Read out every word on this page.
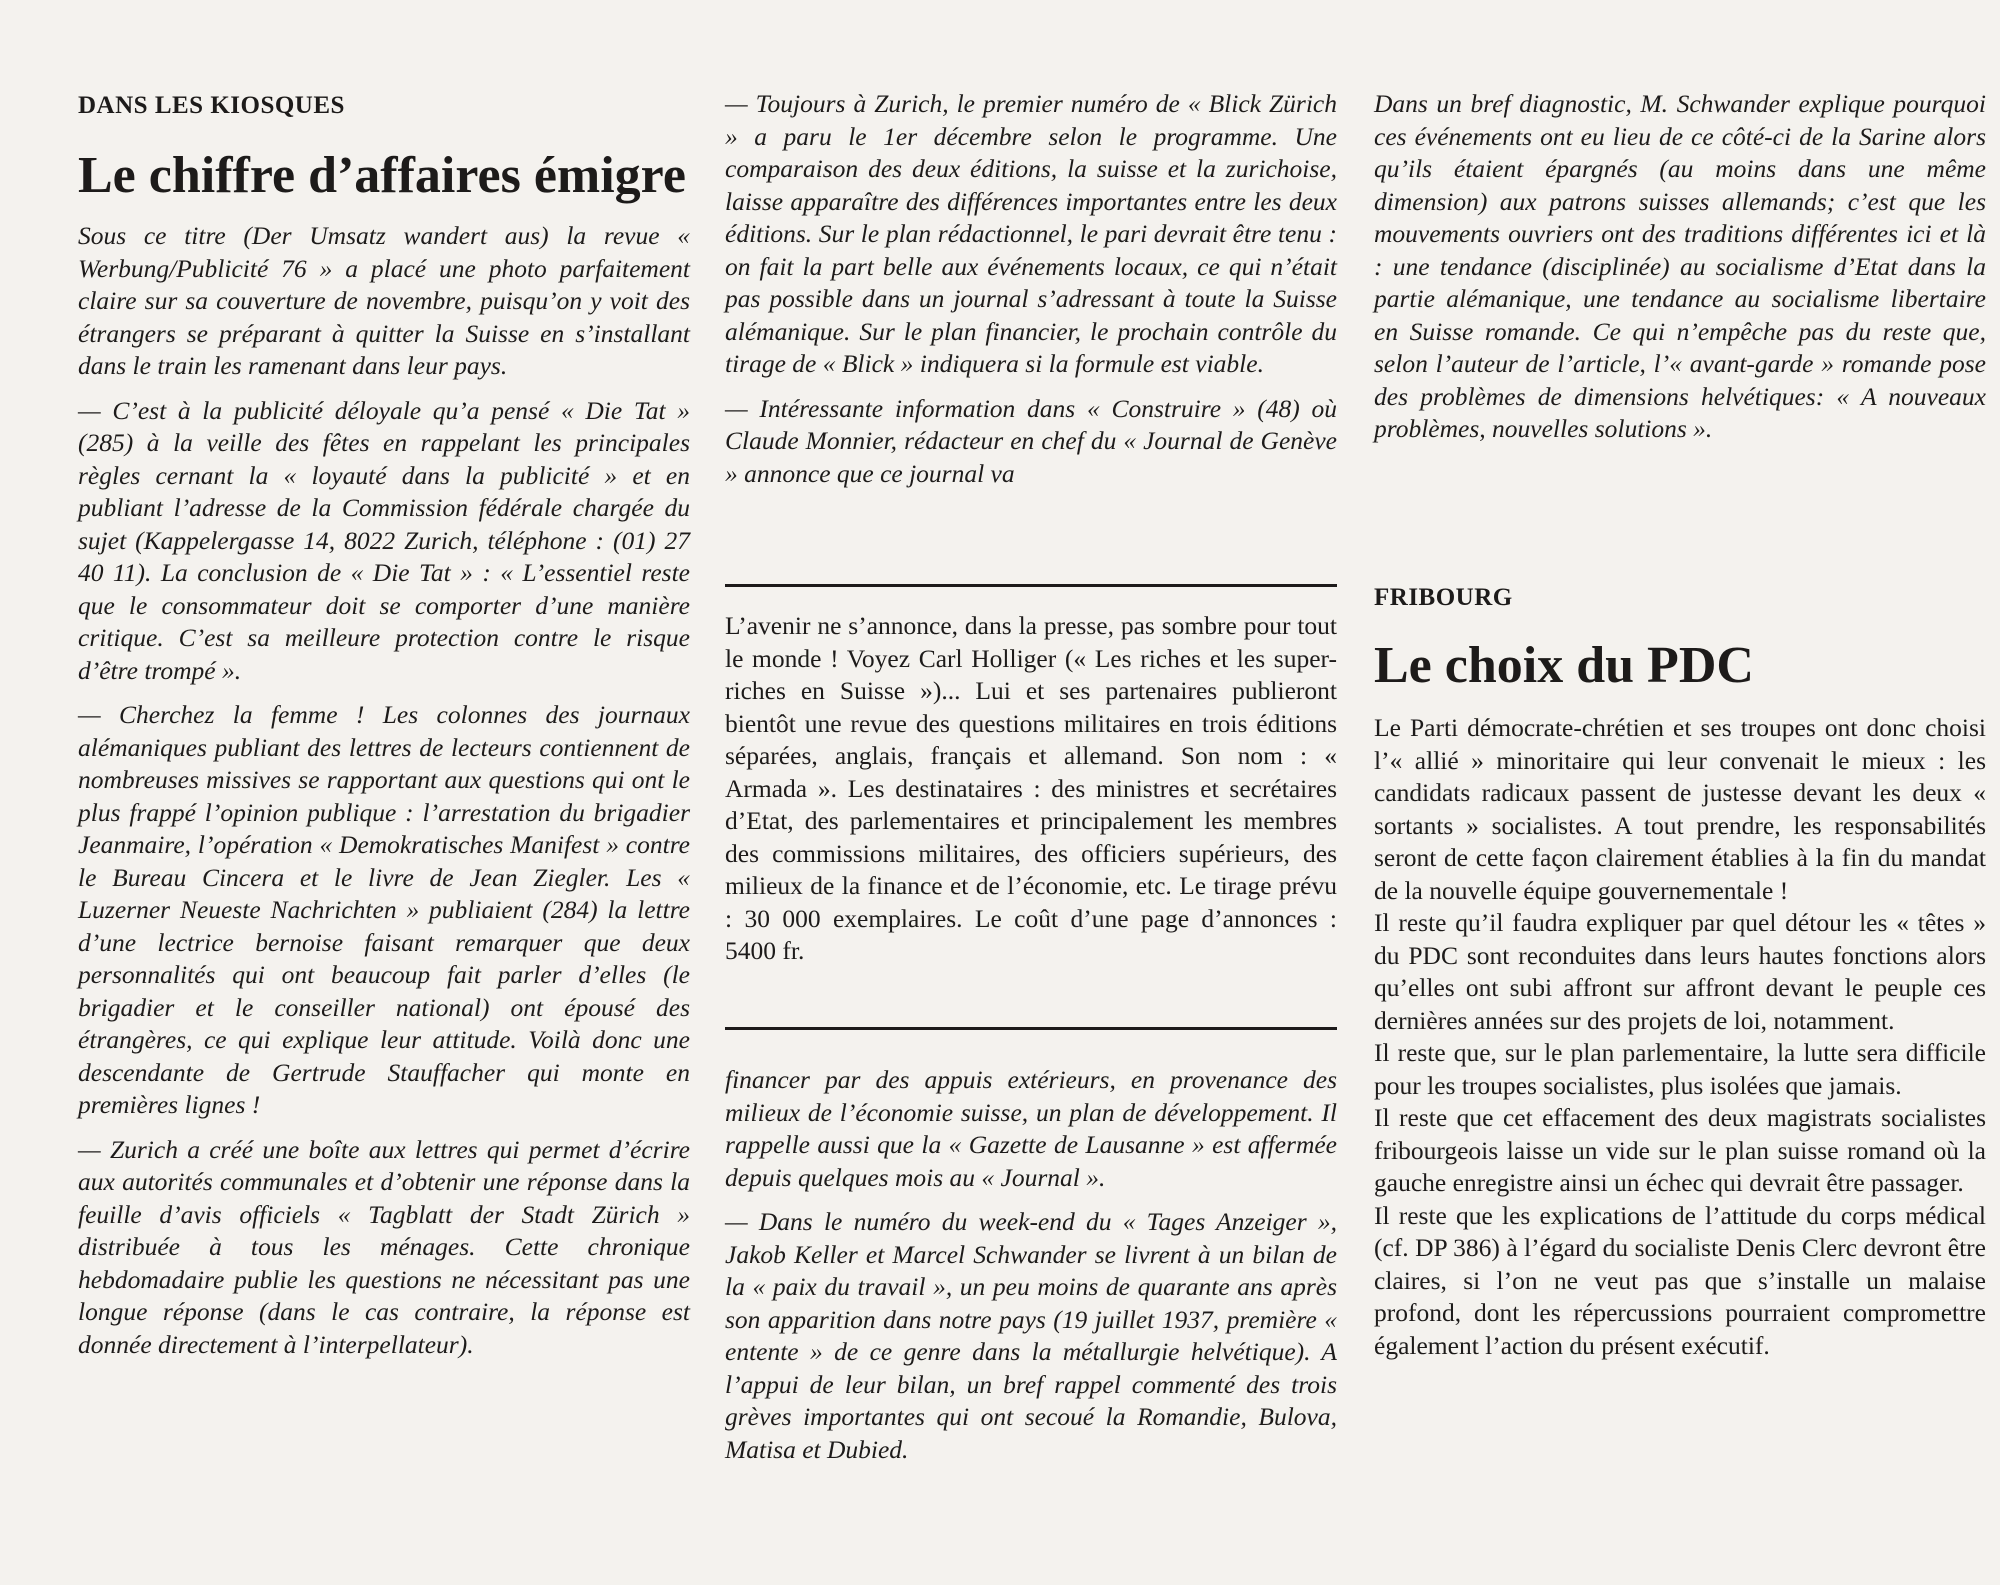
DANS LES KIOSQUES
Le chiffre d’affaires émigre

Sous ce titre (Der Umsatz wandert aus) la revue « Werbung/Publicité 76 » a placé une photo parfaitement claire sur sa couverture de novembre, puisqu’on y voit des étrangers se préparant à quitter la Suisse en s’installant dans le train les ramenant dans leur pays.

— C’est à la publicité déloyale qu’a pensé « Die Tat » (285) à la veille des fêtes en rappelant les principales règles cernant la « loyauté dans la publicité » et en publiant l’adresse de la Commission fédérale chargée du sujet (Kappelergasse 14, 8022 Zurich, téléphone : (01) 27 40 11). La conclusion de « Die Tat » : « L’essentiel reste que le consommateur doit se comporter d’une manière critique. C’est sa meilleure protection contre le risque d’être trompé ».

— Cherchez la femme ! Les colonnes des journaux alémaniques publiant des lettres de lecteurs contiennent de nombreuses missives se rapportant aux questions qui ont le plus frappé l’opinion publique : l’arrestation du brigadier Jeanmaire, l’opération « Demokratisches Manifest » contre le Bureau Cincera et le livre de Jean Ziegler. Les « Luzerner Neueste Nachrichten » publiaient (284) la lettre d’une lectrice bernoise faisant remarquer que deux personnalités qui ont beaucoup fait parler d’elles (le brigadier et le conseiller national) ont épousé des étrangères, ce qui explique leur attitude. Voilà donc une descendante de Gertrude Stauffacher qui monte en premières lignes !

— Zurich a créé une boîte aux lettres qui permet d’écrire aux autorités communales et d’obtenir une réponse dans la feuille d’avis officiels « Tagblatt der Stadt Zürich » distribuée à tous les ménages. Cette chronique hebdomadaire publie les questions ne nécessitant pas une longue réponse (dans le cas contraire, la réponse est donnée directement à l’interpellateur).

— Toujours à Zurich, le premier numéro de « Blick Zürich » a paru le 1er décembre selon le programme. Une comparaison des deux éditions, la suisse et la zurichoise, laisse apparaître des différences importantes entre les deux éditions. Sur le plan rédactionnel, le pari devrait être tenu : on fait la part belle aux événements locaux, ce qui n’était pas possible dans un journal s’adressant à toute la Suisse alémanique. Sur le plan financier, le prochain contrôle du tirage de « Blick » indiquera si la formule est viable.

— Intéressante information dans « Construire » (48) où Claude Monnier, rédacteur en chef du « Journal de Genève » annonce que ce journal va

L’avenir ne s’annonce, dans la presse, pas sombre pour tout le monde ! Voyez Carl Holliger (« Les riches et les super-riches en Suisse »)... Lui et ses partenaires publieront bientôt une revue des questions militaires en trois éditions séparées, anglais, français et allemand. Son nom : « Armada ». Les destinataires : des ministres et secrétaires d’Etat, des parlementaires et principalement les membres des commissions militaires, des officiers supérieurs, des milieux de la finance et de l’économie, etc. Le tirage prévu : 30 000 exemplaires. Le coût d’une page d’annonces : 5400 fr.

financer par des appuis extérieurs, en provenance des milieux de l’économie suisse, un plan de développement. Il rappelle aussi que la « Gazette de Lausanne » est affermée depuis quelques mois au « Journal ».

— Dans le numéro du week-end du « Tages Anzeiger », Jakob Keller et Marcel Schwander se livrent à un bilan de la « paix du travail », un peu moins de quarante ans après son apparition dans notre pays (19 juillet 1937, première « entente » de ce genre dans la métallurgie helvétique). A l’appui de leur bilan, un bref rappel commenté des trois grèves importantes qui ont secoué la Romandie, Bulova, Matisa et Dubied.

Dans un bref diagnostic, M. Schwander explique pourquoi ces événements ont eu lieu de ce côté-ci de la Sarine alors qu’ils étaient épargnés (au moins dans une même dimension) aux patrons suisses allemands; c’est que les mouvements ouvriers ont des traditions différentes ici et là : une tendance (disciplinée) au socialisme d’Etat dans la partie alémanique, une tendance au socialisme libertaire en Suisse romande. Ce qui n’empêche pas du reste que, selon l’auteur de l’article, l’« avant-garde » romande pose des problèmes de dimensions helvétiques: « A nouveaux problèmes, nouvelles solutions ».

FRIBOURG
Le choix du PDC

Le Parti démocrate-chrétien et ses troupes ont donc choisi l’« allié » minoritaire qui leur convenait le mieux : les candidats radicaux passent de justesse devant les deux « sortants » socialistes. A tout prendre, les responsabilités seront de cette façon clairement établies à la fin du mandat de la nouvelle équipe gouvernementale !

Il reste qu’il faudra expliquer par quel détour les « têtes » du PDC sont reconduites dans leurs hautes fonctions alors qu’elles ont subi affront sur affront devant le peuple ces dernières années sur des projets de loi, notamment.

Il reste que, sur le plan parlementaire, la lutte sera difficile pour les troupes socialistes, plus isolées que jamais.

Il reste que cet effacement des deux magistrats socialistes fribourgeois laisse un vide sur le plan suisse romand où la gauche enregistre ainsi un échec qui devrait être passager.

Il reste que les explications de l’attitude du corps médical (cf. DP 386) à l’égard du socialiste Denis Clerc devront être claires, si l’on ne veut pas que s’installe un malaise profond, dont les répercussions pourraient compromettre également l’action du présent exécutif.
